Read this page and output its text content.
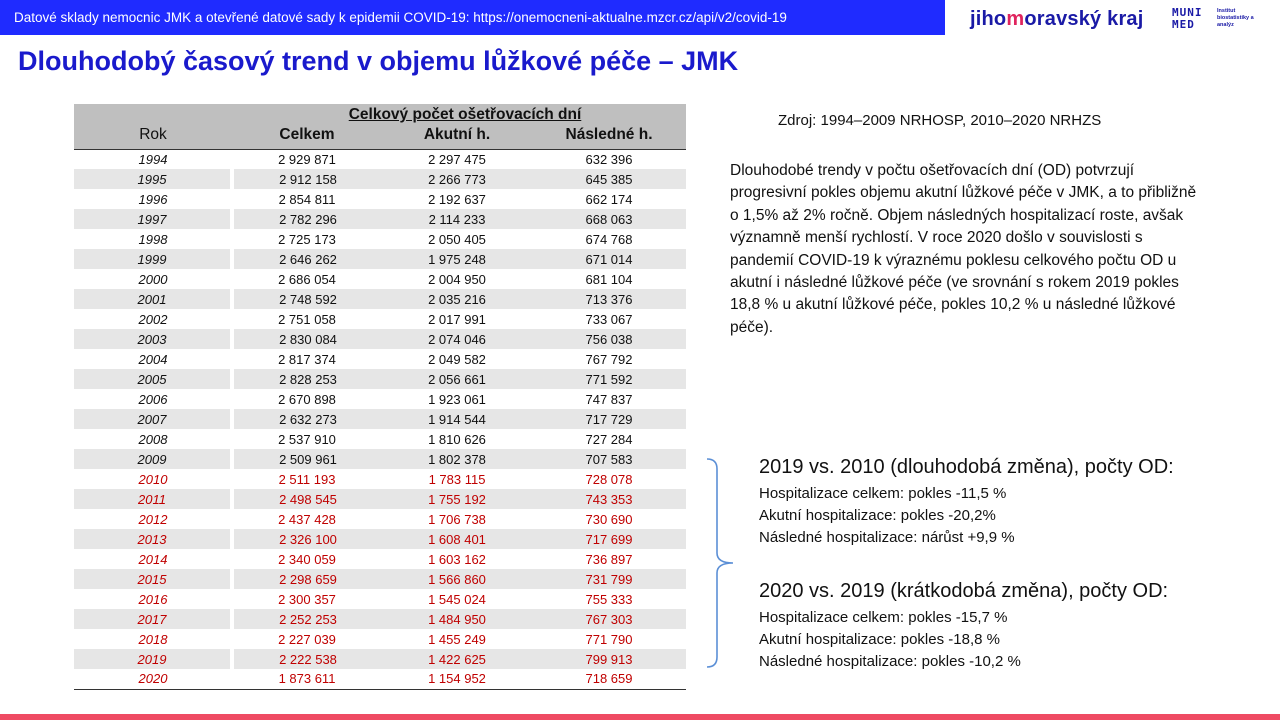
Datové sklady nemocnic JMK a otevřené datové sady k epidemii COVID-19: https://onemocneni-aktualne.mzcr.cz/api/v2/covid-19	jihomoravský kraj	MUNI
MED
Institut biostatistiky a analýz
Dlouhodobý časový trend v objemu lůžkové péče – JMK
Celkový počet ošetřovacích dní			
Rok	Celkem	Akutní h.	Následné h.
1994	2 929 871	2 297 475	632 396
1995	2 912 158	2 266 773	645 385
1996	2 854 811	2 192 637	662 174
1997	2 782 296	2 114 233	668 063
1998	2 725 173	2 050 405	674 768
1999	2 646 262	1 975 248	671 014
2000	2 686 054	2 004 950	681 104
2001	2 748 592	2 035 216	713 376
2002	2 751 058	2 017 991	733 067
2003	2 830 084	2 074 046	756 038
2004	2 817 374	2 049 582	767 792
2005	2 828 253	2 056 661	771 592
2006	2 670 898	1 923 061	747 837
2007	2 632 273	1 914 544	717 729
2008	2 537 910	1 810 626	727 284
2009	2 509 961	1 802 378	707 583
2010	2 511 193	1 783 115	728 078
2011	2 498 545	1 755 192	743 353
2012	2 437 428	1 706 738	730 690
2013	2 326 100	1 608 401	717 699
2014	2 340 059	1 603 162	736 897
2015	2 298 659	1 566 860	731 799
2016	2 300 357	1 545 024	755 333
2017	2 252 253	1 484 950	767 303
2018	2 227 039	1 455 249	771 790
2019	2 222 538	1 422 625	799 913
2020	1 873 611	1 154 952	718 659
Zdroj: 1994–2009 NRHOSP, 2010–2020 NRHZS
Dlouhodobé trendy v počtu ošetřovacích dní (OD) potvrzují progresivní pokles objemu akutní lůžkové péče v JMK, a to přibližně o 1,5% až 2% ročně. Objem následných hospitalizací roste, avšak významně menší rychlostí. V roce 2020 došlo v souvislosti s pandemií COVID-19 k výraznému poklesu celkového počtu OD u akutní i následné lůžkové péče (ve srovnání s rokem 2019 pokles 18,8 % u akutní lůžkové péče, pokles 10,2 % u následné lůžkové péče).
2019 vs. 2010 (dlouhodobá změna), počty OD:
Hospitalizace celkem: pokles -11,5 %
Akutní hospitalizace: pokles -20,2%
Následné hospitalizace: nárůst +9,9 %
2020 vs. 2019 (krátkodobá změna), počty OD:
Hospitalizace celkem: pokles -15,7 %
Akutní hospitalizace: pokles -18,8 %
Následné hospitalizace: pokles -10,2 %
